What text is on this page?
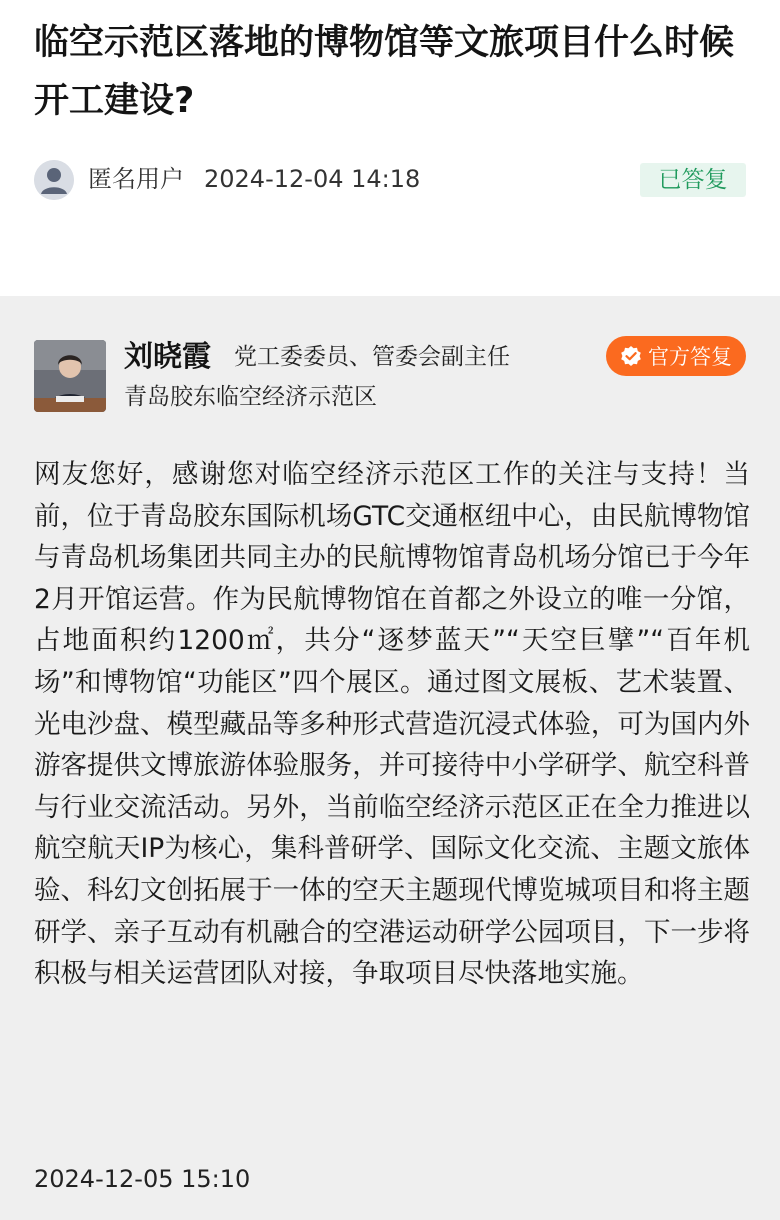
临空示范区落地的博物馆等文旅项目什么时候开工建设?
匿名用户 2024-12-04 14:18	已答复
刘晓霞 党工委委员、管委会副主任
青岛胶东临空经济示范区
官方答复

网友您好，感谢您对临空经济示范区工作的关注与支持！当前，位于青岛胶东国际机场GTC交通枢纽中心，由民航博物馆与青岛机场集团共同主办的民航博物馆青岛机场分馆已于今年2月开馆运营。作为民航博物馆在首都之外设立的唯一分馆，占地面积约1200㎡，共分“逐梦蓝天”“天空巨擘”“百年机场”和博物馆“功能区”四个展区。通过图文展板、艺术装置、光电沙盘、模型藏品等多种形式营造沉浸式体验，可为国内外游客提供文博旅游体验服务，并可接待中小学研学、航空科普与行业交流活动。另外，当前临空经济示范区正在全力推进以航空航天IP为核心，集科普研学、国际文化交流、主题文旅体验、科幻文创拓展于一体的空天主题现代博览城项目和将主题研学、亲子互动有机融合的空港运动研学公园项目，下一步将积极与相关运营团队对接，争取项目尽快落地实施。

2024-12-05 15:10
